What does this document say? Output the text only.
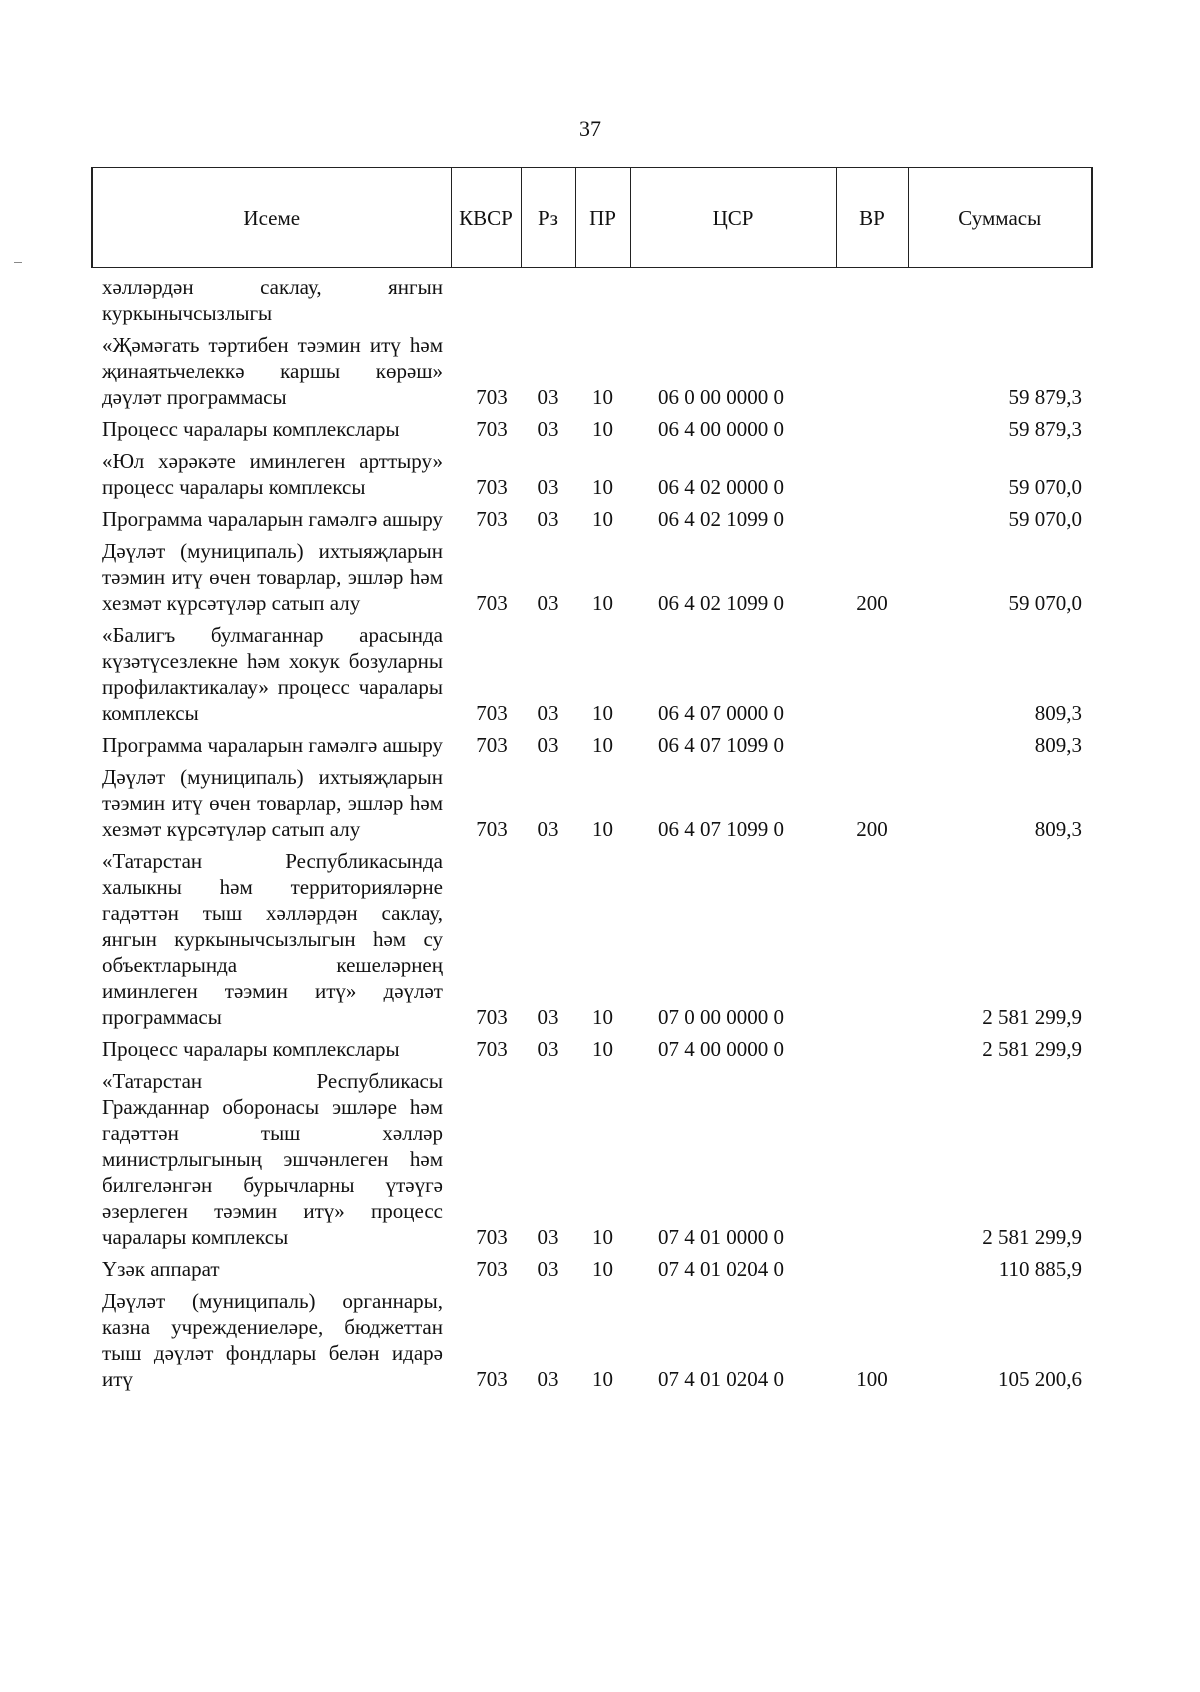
37
Исеме	КВСР	Рз	ПР	ЦСР	ВР	Суммасы
хәлләрдән саклау, янгын куркынычсызлыгы						
«Җәмәгать тәртибен тәэмин итү һәм җинаятьчелеккә каршы көрәш» дәүләт программасы	703	03	10	06 0 00 0000 0		59 879,3
Процесс чаралары комплекслары	703	03	10	06 4 00 0000 0		59 879,3
«Юл хәрәкәте иминлеген арттыру» процесс чаралары комплексы	703	03	10	06 4 02 0000 0		59 070,0
Программа чараларын гамәлгә ашыру	703	03	10	06 4 02 1099 0		59 070,0
Дәүләт (муниципаль) ихтыяҗларын тәэмин итү өчен товарлар, эшләр һәм хезмәт күрсәтүләр сатып алу	703	03	10	06 4 02 1099 0	200	59 070,0
«Балигъ булмаганнар арасында күзәтүсезлекне һәм хокук бозуларны профилактикалау» процесс чаралары комплексы	703	03	10	06 4 07 0000 0		809,3
Программа чараларын гамәлгә ашыру	703	03	10	06 4 07 1099 0		809,3
Дәүләт (муниципаль) ихтыяҗларын тәэмин итү өчен товарлар, эшләр һәм хезмәт күрсәтүләр сатып алу	703	03	10	06 4 07 1099 0	200	809,3
«Татарстан Республикасында халыкны һәм территорияләрне гадәттән тыш хәлләрдән саклау, янгын куркынычсызлыгын һәм су объектларында кешеләрнең иминлеген тәэмин итү» дәүләт программасы	703	03	10	07 0 00 0000 0		2 581 299,9
Процесс чаралары комплекслары	703	03	10	07 4 00 0000 0		2 581 299,9
«Татарстан Республикасы Гражданнар оборонасы эшләре һәм гадәттән тыш хәлләр министрлыгының эшчәнлеген һәм билгеләнгән бурычларны үтәүгә әзерлеген тәэмин итү» процесс чаралары комплексы	703	03	10	07 4 01 0000 0		2 581 299,9
Үзәк аппарат	703	03	10	07 4 01 0204 0		110 885,9
Дәүләт (муниципаль) органнары, казна учреждениеләре, бюджеттан тыш дәүләт фондлары белән идарә итү	703	03	10	07 4 01 0204 0	100	105 200,6
